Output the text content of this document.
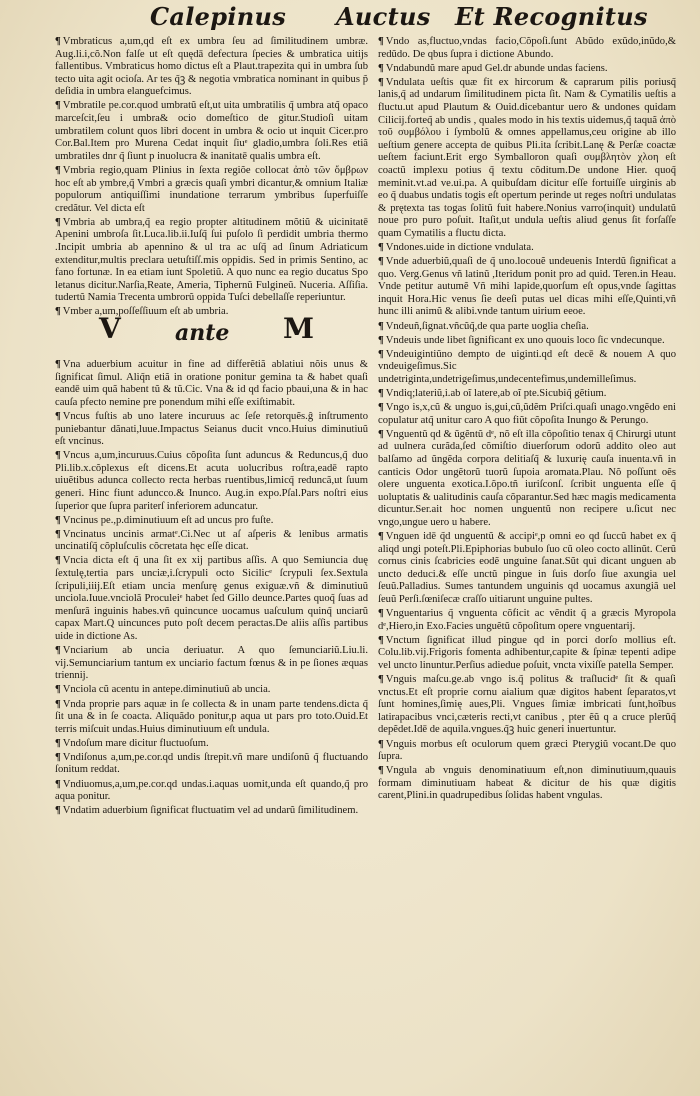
Calepinus Auctus Et Recognitus

¶ Vmbraticus a,um,qd eſt ex umbra ſeu ad ſimilitudinem umbræ. Aug.li.i,cõ.Non falſe ut eſt quędā defectura ſpecies & umbratica uitijs fallentibus. Vmbraticus homo dictus eſt a Plaut.trapezita qui in umbra ſub tecto uita agit ocioſa. Ar tes q̃ꝫ & negotia vmbratica nominant in quibus p̃ deſidia in umbra elanguefcimus.

¶ Vmbratile pe.cor.quod umbratũ eſt,ut uita umbratilis q̃ umbra atq̃ opaco marceſcit,ſeu i umbra& ocio domeſtico de gitur.Studioſi uitam umbratilem colunt quos libri docent in umbra & ocio ut inquit Cicer.pro Cor.Bal.Item pro Murena Cedat inquit ſiuᵉ gladio,umbra ſoli.Res etiã umbratiles dnr q̃ ſiunt p inuolucra & inanitatē qualis umbra eſt.

¶ Vmbria regio,quam Plinius in ſexta regiõe collocat ἀπὸ τῶν ὄμβρων hoc eſt ab ymbre,q̃ Vmbri a græcis quaſi ymbri dicantur,& omnium Italiæ populorum antiquiſſimi inundatione terrarum ymbribus ſuperfuiſſe credãtur. Vel dicta eſt

¶ Vmbria ab umbra,q̃ ea regio propter altitudinem mõtiũ & uicinitatē Apenini umbroſa ſit.Luca.lib.ii.Iuſq̃ ſui puſolo ſi perdidit umbria thermo .Incipit umbria ab apennino & ul tra ac uſq̃ ad ſinum Adriaticum extenditur,multis preclara uetuſtiſſ.mis oppidis. Sed in primis Sentino, ac fano fortunæ. In ea etiam iunt Spoletiũ. A quo nunc ea regio ducatus Spo letanus dicitur.Narſia,Reate, Ameria, Tiphernũ Fulgineũ. Nuceria. Aſſiſia. tudertũ Namia Trecenta umbrorũ oppida Tuſci debellaſſe reperiuntur.

¶ Vmber a,um,poſſeſſiuum eſt ab umbria.

V ante M

¶ Vna aduerbium acuitur in fine ad differẽtiã ablatiui nõis unus & ſignificat ſimul. Aliq̃n etiã in oratione ponitur gemina ta & habet quaſi eandē uim quã habent tũ & tũ.Cic. Vna & id qd facio pbaui,una & in hac cauſa pfecto nemine pre ponendum mihi eſſe exiſtimabit.

¶ Vncus fuſtis ab uno latere incuruus ac ſeſe retorquẽs.ĝ inſtrumento puniebantur dãnati,luue.Impactus Seianus ducit vnco.Huius diminutiuũ eſt vncinus.

¶ Vncus a,um,incuruus.Cuius cõpoſita ſunt aduncus & Reduncus,q̃ duo Pli.lib.x.cõplexus eſt dicens.Et acuta uolucribus roſtra,eadē rapto uiuẽtibus adunca collecto recta herbas ruentibus,limicq̃ reduncã,ut ſuum generi. Hinc fiunt aduncco.& Inunco. Aug.in expo.Pſal.Pars noſtri eius ſuperior que ſupra pariterſ inferiorem aduncatur.

¶ Vncinus pe.,p.diminutiuum eſt ad uncus pro fuſte.

¶ Vncinatus uncinis armatᵉ.Ci.Nec ut aſ aſperis & lenibus armatis uncinatiſq̃ cõpluſculis cõcretata hęc eſſe dicat.

¶ Vncia dicta eſt q̃ una ſit ex xij partibus aſſis. A quo Semiuncia duę ſextulę,tertia pars unciæ,i.ſcrypuli octo Sicilicᵉ ſcrypuli ſex.Sextula ſcripuli,iiij.Eſt etiam uncia menſurę genus exiguæ.vñ & diminutiuũ unciola.Iuue.vnciolã Proculeiᵉ habet ſed Gillo deunce.Partes quoq̃ ſuas ad menſurã inguinis habes.vñ quincunce uocamus uaſculum quinq̃ unciarũ capax Mart.Q uincunces puto poſt decem peractas.De aliis aſſis partibus uide in dictione As.

¶ Vnciarium ab uncia deriuatur. A quo ſemunciariũ.Liu.li. vij.Semunciarium tantum ex unciario factum fœnus & in pe ſiones æquas triennij.

¶ Vnciola cũ acentu in antepe.diminutiuũ ab uncia.

¶ Vnda proprie pars aquæ in ſe collecta & in unam parte tendens.dicta q̃ ſit una & in ſe coacta. Aliquãdo ponitur,p aqua ut pars pro toto.Ouid.Et terris miſcuit undas.Huius diminutiuum eſt undula.

¶ Vndoſum mare dicitur fluctuoſum.

¶ Vndiſonus a,um,pe.cor.qd undis ſtrepit.vñ mare undiſonũ q̃ fluctuando ſonitum reddat.

¶ Vndiuomus,a,um,pe.cor.qd undas.i.aquas uomit,unda eſt quando,q̃ pro aqua ponitur.

¶ Vndatim aduerbium ſignificat fluctuatim vel ad undarũ ſimilitudinem.

¶ Vndo as,fluctuo,vndas facio,Cõpoſi.ſunt Abũdo exũdo,inũdo,& redũdo. De qbus ſupra i dictione Abundo.

¶ Vndabundũ mare apud Gel.dr abunde undas faciens.

¶ Vndulata ueſtis quæ fit ex hircorum & caprarum pilis poriusq̃ lanis,q̃ ad undarum ſimilitudinem picta ſit. Nam & Cymatilis ueſtis a fluctu.ut apud Plautum & Ouid.dicebantur uero & undones quidam Cilicij.forteq̃ ab undis , quales modo in his textis uidemus,q̃ taquã ἀπὸ τοῦ συμβόλου i ſymbolũ & omnes appellamus,ceu origine ab illo ueſtium genere accepta de quibus Pli.ita ſcribit.Lanę & Perſæ coactæ ueſtem faciunt.Erit ergo Symballoron quaſi συμβλητὸν χλοη eſt coactũ implexu potius q̃ textu cõditum.De undone Hier. quoq̃ meminit.vt.ad ve.ui.pa. A quibuſdam dicitur eſſe fortuiſſe uirginis ab eo q̃ duabus undatis togis eſt opertum perinde ut reges noſtri undulatas & prętexta tas togas ſolitũ fuit habere.Nonius varro(inquit) undulatũ noue pro puro poſuit. Itaſit,ut undula ueſtis aliud genus ſit forſaſſe quam Cymatilis a fluctu dicta.

¶ Vndones.uide in dictione vndulata.

¶ Vnde aduerbiũ,quaſi de q̃ uno.locouẽ undeuenis Interdũ ſignificat a quo. Verg.Genus vñ latinũ ,Iteridum ponit pro ad quid. Teren.in Heau. Vnde petitur autumẽ Vñ mihi lapide,quorſum eſt opus,vnde ſagittas inquit Hora.Hic venus ſie deeſi putas uel dicas mihi eſſe,Quinti,vñ hunc illi animũ & alibi.vnde tantum uirium eeoe.

¶ Vndeuñ,ſignat.vñcũq̃,de qua parte uoglia cheſia.

¶ Vndeuis unde libet ſignificant ex uno quouis loco ſic vndecunque.

¶ Vndeuigintiũno dempto de uiginti.qd eſt decē & nouem A quo vndeuigeſimus.Sic undetriginta,undetrigeſimus,undecentefimus,undemilleſimus.

¶ Vndiq;lateriũ,i.ab oĩ latere,ab oĩ pte.Sicubiq̃ gẽtium.

¶ Vngo is,x,cũ & unguo is,gui,cũ,ũdẽm Priſci.quaſi unago.vngẽdo eni copulatur atq̃ unitur caro A quo fiũt cõpoſita Inungo & Perungo.

¶ Vnguentũ qd & ũgẽntũ dᵉ, nõ eſt illa cõpoſitio tenax q̃ Chirurgi utunt ad uulnera curãda,ſed cõmiſtio diuerſorum odorũ addito oleo aut balſamo ad ũngẽda corpora delitiaſq̃ & luxurię cauſa inuenta.vñ in canticis Odor ungẽtorũ tuorũ ſupoia aromata.Plau. Nõ poſſunt oẽs olere unguenta exotica.I.õpo.tñ iuriſconſ. ſcribit unguenta eſſe q̃ uoluptatis & ualitudinis cauſa cõparantur.Sed hæc magis medicamenta dicuntur.Ser.ait hoc nomen unguentũ non recipere u.ſicut nec vngo,ungue uero u habere.

¶ Vnguen idē q̃d unguentũ & accipiᵉ,p omni eo qd ſuccũ habet ex q̃ aliqd ungi poteſt.Pli.Epiphorias bubulo ſuo cũ oleo cocto allinũt. Cerũ cornus cinis ſcabricies eodẽ unguine ſanat.Sũt qui dicant unguen ab uncto deduci.& eſſe unctũ pingue in ſuis dorſo ſiue axungia uel ſeuũ.Palladius. Sumes tantundem unguinis qd uocamus axungiã uel ſeuũ Perſi.ſœniſecæ craſſo uitiarunt unguine pultes.

¶ Vnguentarius q̃ vnguenta cõficit ac vẽndit q̃ a græcis Myropola dᵉ,Hiero,in Exo.Facies unguẽtũ cõpoſitum opere vnguentarij.

¶ Vnctum ſignificat illud pingue qd in porci dorſo mollius eſt. Colu.lib.vij.Frigoris fomenta adhibentur,capite & ſpinæ tepenti adipe vel uncto linuntur.Perſius adiedue poſuit, vncta vixiſſe patella Semper.

¶ Vnguis maſcu.ge.ab vngo is.q̃ politus & traſlucidᵉ ſit & quaſi vnctus.Et eſt proprie cornu aialium quæ digitos habent ſeparatos,vt ſunt homines,ſimię aues,Pli. Vngues ſimiæ imbricati ſunt,hoĩbus latirapacibus vnci,cæteris recti,vt canibus , pter ẽũ q a cruce plerũq̃ depẽdet.Idē de aquila.vngues.q̃ꝫ huic generi inuertuntur.

¶ Vnguis morbus eſt oculorum quem græci Pterygiũ vocant.De quo ſupra.

¶ Vngula ab vnguis denominatiuum eſt,non diminutiuum,quauis formam diminutiuam habeat & dicitur de his quæ digitis carent,Plini.in quadrupedibus ſolidas habent vngulas.
